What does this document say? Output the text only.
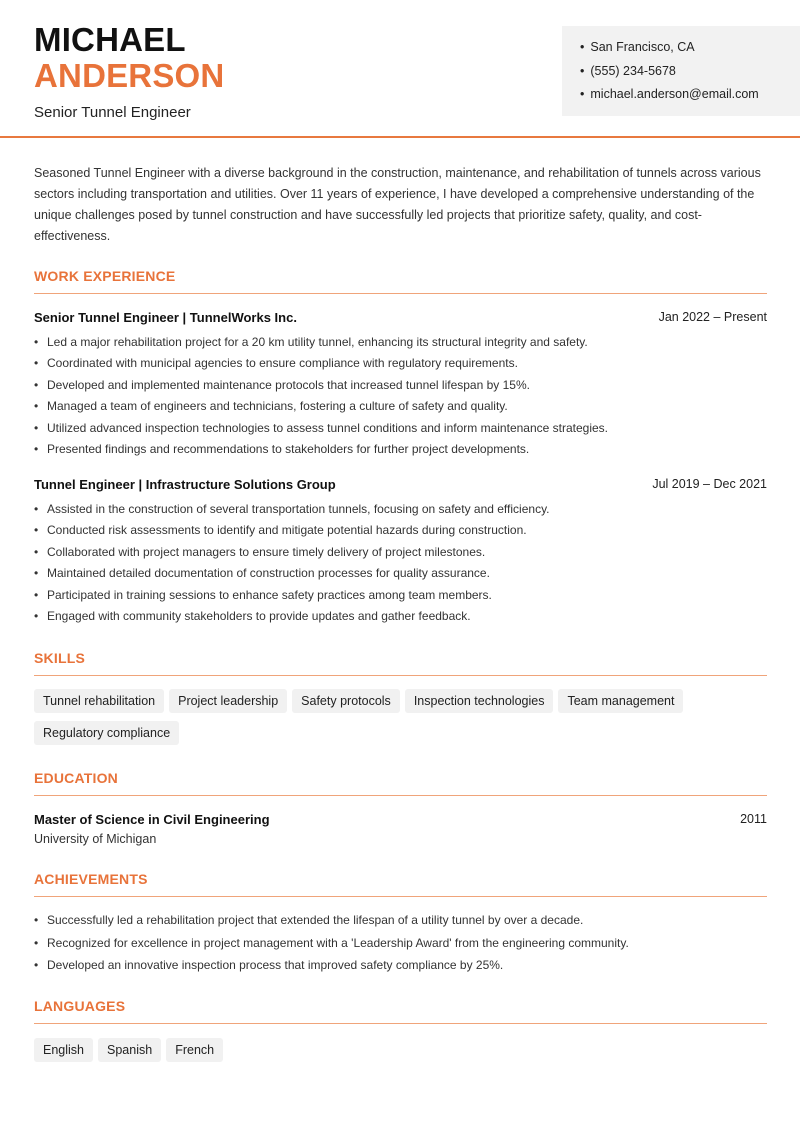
MICHAEL
ANDERSON
Senior Tunnel Engineer
• San Francisco, CA
• (555) 234-5678
• michael.anderson@email.com

Seasoned Tunnel Engineer with a diverse background in the construction, maintenance, and rehabilitation of tunnels across various sectors including transportation and utilities. Over 11 years of experience, I have developed a comprehensive understanding of the unique challenges posed by tunnel construction and have successfully led projects that prioritize safety, quality, and cost-effectiveness.

WORK EXPERIENCE
Senior Tunnel Engineer | TunnelWorks Inc.	Jan 2022 – Present
• Led a major rehabilitation project for a 20 km utility tunnel, enhancing its structural integrity and safety.
• Coordinated with municipal agencies to ensure compliance with regulatory requirements.
• Developed and implemented maintenance protocols that increased tunnel lifespan by 15%.
• Managed a team of engineers and technicians, fostering a culture of safety and quality.
• Utilized advanced inspection technologies to assess tunnel conditions and inform maintenance strategies.
• Presented findings and recommendations to stakeholders for further project developments.
Tunnel Engineer | Infrastructure Solutions Group	Jul 2019 – Dec 2021
• Assisted in the construction of several transportation tunnels, focusing on safety and efficiency.
• Conducted risk assessments to identify and mitigate potential hazards during construction.
• Collaborated with project managers to ensure timely delivery of project milestones.
• Maintained detailed documentation of construction processes for quality assurance.
• Participated in training sessions to enhance safety practices among team members.
• Engaged with community stakeholders to provide updates and gather feedback.
SKILLS
Tunnel rehabilitation Project leadership Safety protocols Inspection technologies Team management
Regulatory compliance
EDUCATION
Master of Science in Civil Engineering	2011
University of Michigan
ACHIEVEMENTS
• Successfully led a rehabilitation project that extended the lifespan of a utility tunnel by over a decade.
• Recognized for excellence in project management with a 'Leadership Award' from the engineering community.
• Developed an innovative inspection process that improved safety compliance by 25%.
LANGUAGES
English Spanish French
